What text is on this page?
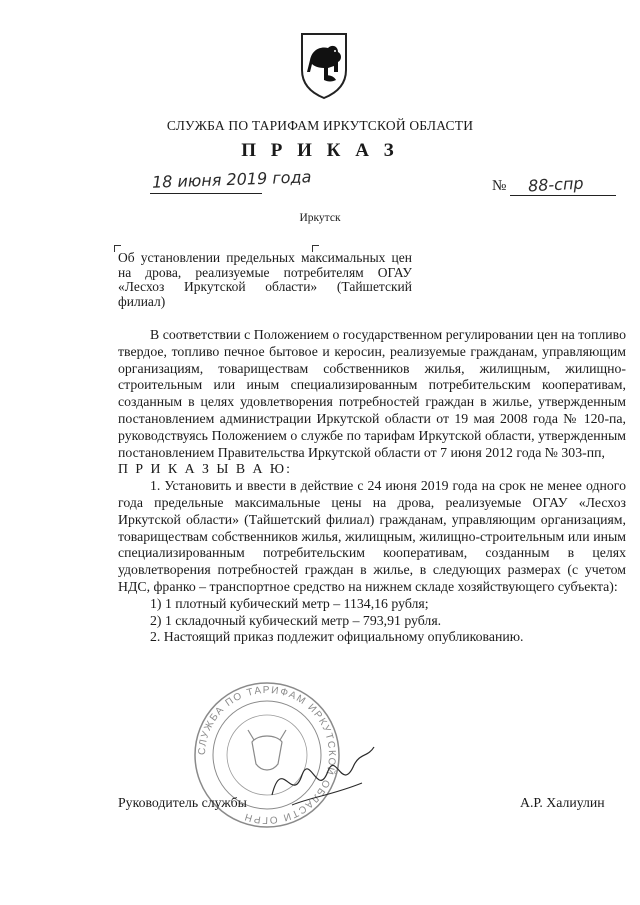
СЛУЖБА ПО ТАРИФАМ ИРКУТСКОЙ ОБЛАСТИ
П Р И К А З
18 июня 2019 года	№ 88-спр
Иркутск
Об установлении предельных максимальных цен на дрова, реализуемые потребителям ОГАУ «Лесхоз Иркутской области» (Тайшетский филиал)

В соответствии с Положением о государственном регулировании цен на топливо твердое, топливо печное бытовое и керосин, реализуемые гражданам, управляющим организациям, товариществам собственников жилья, жилищным, жилищно-строительным или иным специализированным потребительским кооперативам, созданным в целях удовлетворения потребностей граждан в жилье, утвержденным постановлением администрации Иркутской области от 19 мая 2008 года № 120-па, руководствуясь Положением о службе по тарифам Иркутской области, утвержденным постановлением Правительства Иркутской области от 7 июня 2012 года № 303-пп,

П Р И К А З Ы В А Ю:

1. Установить и ввести в действие с 24 июня 2019 года на срок не менее одного года предельные максимальные цены на дрова, реализуемые ОГАУ «Лесхоз Иркутской области» (Тайшетский филиал) гражданам, управляющим организациям, товариществам собственников жилья, жилищным, жилищно-строительным или иным специализированным потребительским кооперативам, созданным в целях удовлетворения потребностей граждан в жилье, в следующих размерах (с учетом НДС, франко – транспортное средство на нижнем складе хозяйствующего субъекта):

1) 1 плотный кубический метр – 1134,16 рубля;

2) 1 складочный кубический метр – 793,91 рубля.

2. Настоящий приказ подлежит официальному опубликованию.

СЛУЖБА ПО ТАРИФАМ ИРКУТСКОЙ ОБЛАСТИ ОГРН
Руководитель службы	А.Р. Халиулин
